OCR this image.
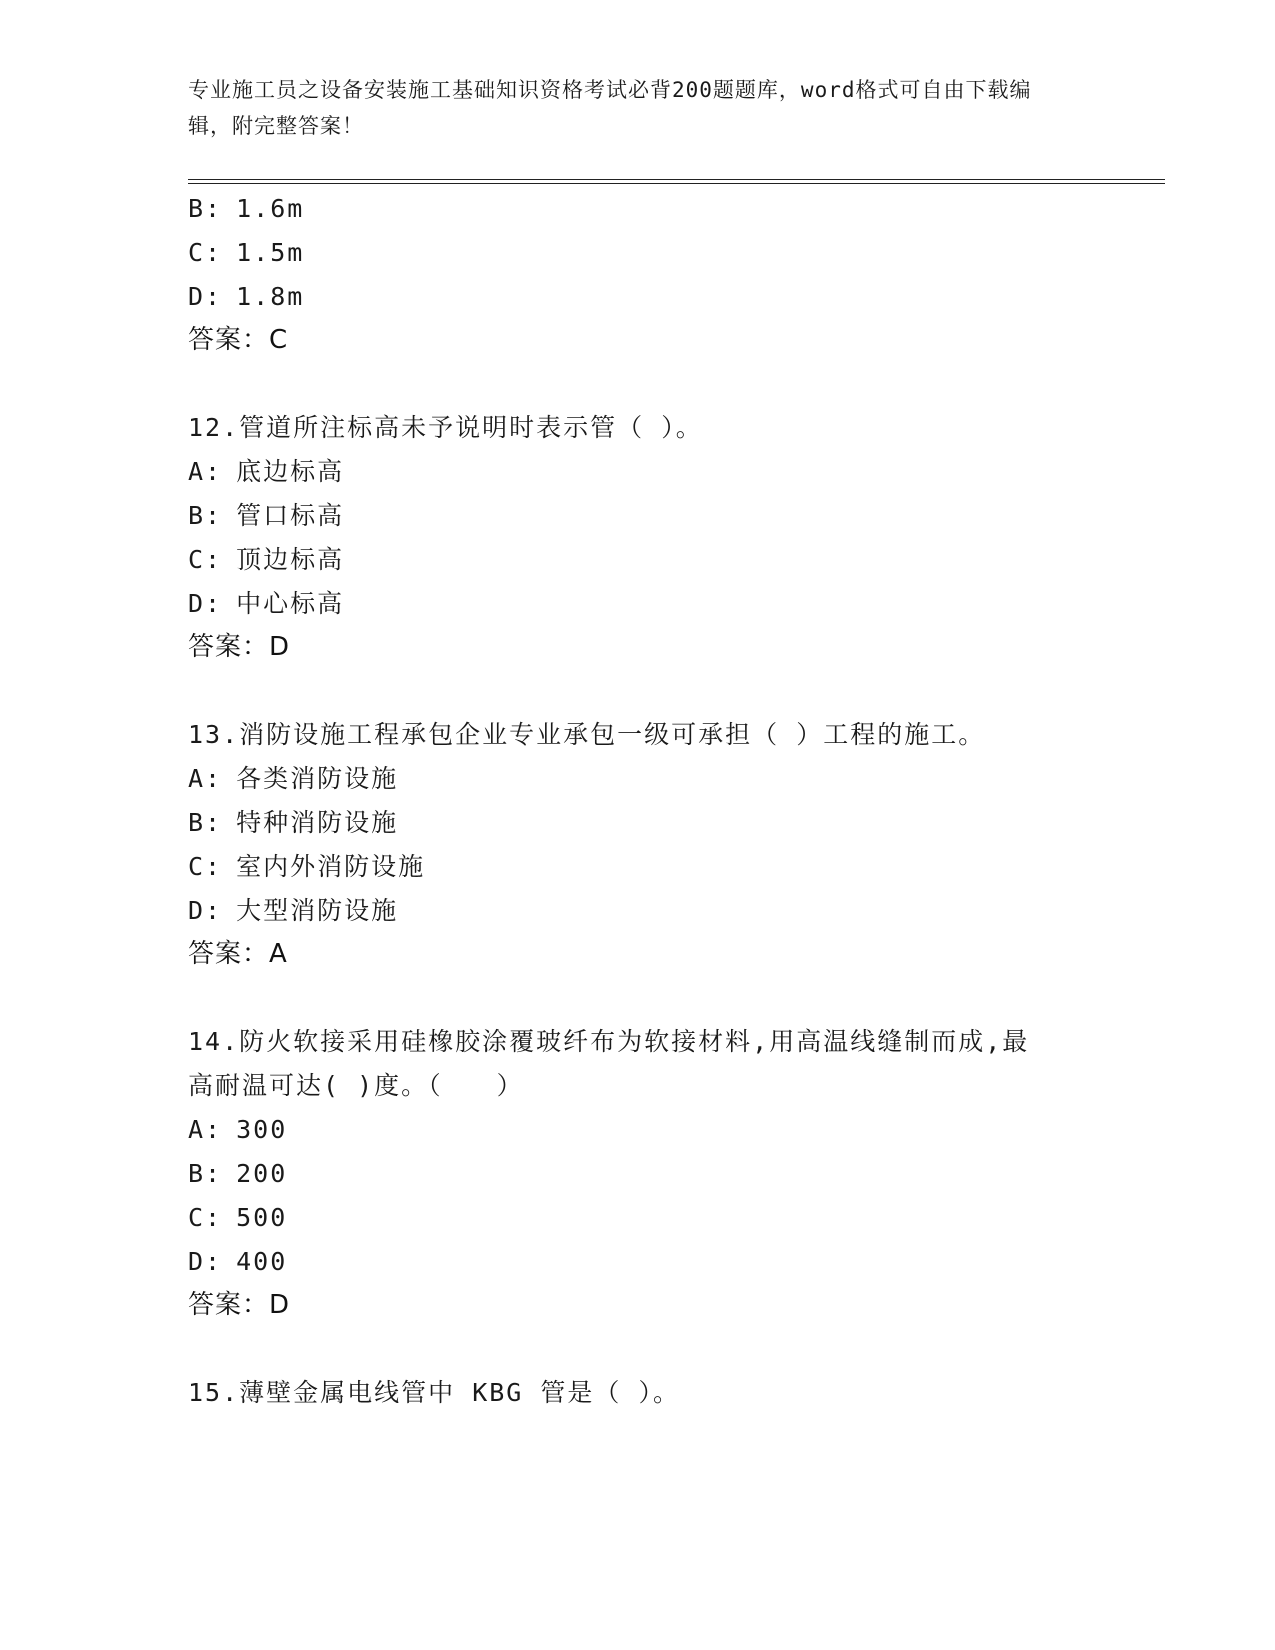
专业施工员之设备安装施工基础知识资格考试必背200题题库，word格式可自由下载编辑，附完整答案！
B: 1.6m
C: 1.5m
D: 1.8m
答案：C
12.管道所注标高未予说明时表示管（ ）。
A: 底边标高
B: 管口标高
C: 顶边标高
D: 中心标高
答案：D
13.消防设施工程承包企业专业承包一级可承担（ ）工程的施工。
A: 各类消防设施
B: 特种消防设施
C: 室内外消防设施
D: 大型消防设施
答案：A
14.防火软接采用硅橡胶涂覆玻纤布为软接材料,用高温线缝制而成,最
高耐温可达( )度。（　　）
A: 300
B: 200
C: 500
D: 400
答案：D
15.薄壁金属电线管中 KBG 管是（ ）。
